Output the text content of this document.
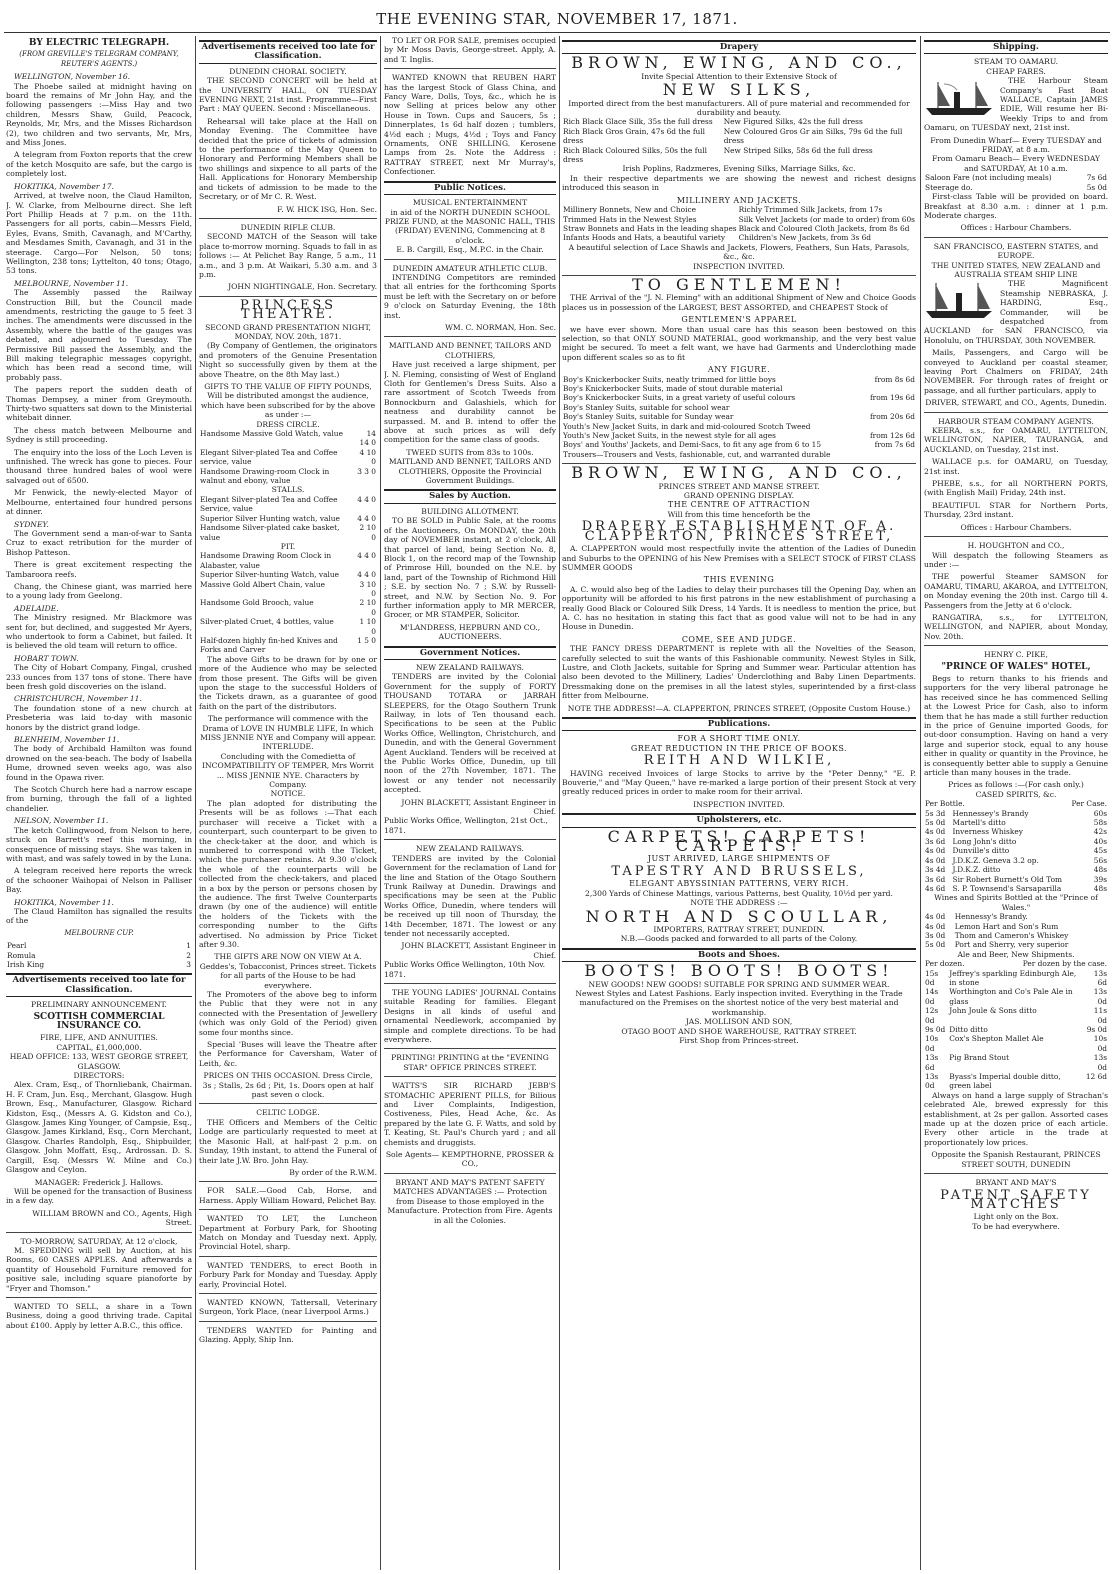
THE EVENING STAR, NOVEMBER 17, 1871.
BY ELECTRIC TELEGRAPH.
(FROM GREVILLE'S TELEGRAM COMPANY, REUTER'S AGENTS.)
WELLINGTON, November 16.

The Phoebe sailed at midnight having on board the remains of Mr John Hay, and the following passengers :—Miss Hay and two children, Messrs Shaw, Guild, Peacock, Reynolds, Mr, Mrs, and the Misses Richardson (2), two children and two servants, Mr, Mrs, and Miss Jones.

A telegram from Foxton reports that the crew of the ketch Mosquito are safe, but the cargo is completely lost.

HOKITIKA, November 17.

Arrived, at twelve noon, the Claud Hamilton, J. W. Clarke, from Melbourne direct. She left Port Phillip Heads at 7 p.m. on the 11th. Passengers for all ports, cabin—Messrs Field, Eyles, Evans, Smith, Cavanagh, and M'Carthy, and Mesdames Smith, Cavanagh, and 31 in the steerage. Cargo—For Nelson, 50 tons; Wellington, 238 tons; Lyttelton, 40 tons; Otago, 53 tons.

MELBOURNE, November 11.

The Assembly passed the Railway Construction Bill, but the Council made amendments, restricting the gauge to 5 feet 3 inches. The amendments were discussed in the Assembly, where the battle of the gauges was debated, and adjourned to Tuesday. The Permissive Bill passed the Assembly, and the Bill making telegraphic messages copyright, which has been read a second time, will probably pass.

The papers report the sudden death of Thomas Dempsey, a miner from Greymouth. Thirty-two squatters sat down to the Ministerial whitebait dinner.

The chess match between Melbourne and Sydney is still proceeding.

The enquiry into the loss of the Loch Leven is unfinished. The wreck has gone to pieces. Four thousand three hundred bales of wool were salvaged out of 6500.

Mr Fenwick, the newly-elected Mayor of Melbourne, entertained four hundred persons at dinner.

SYDNEY.

The Government send a man-of-war to Santa Cruz to exact retribution for the murder of Bishop Patteson.

There is great excitement respecting the Tambaroora reefs.

Chang, the Chinese giant, was married here to a young lady from Geelong.

ADELAIDE.

The Ministry resigned. Mr Blackmore was sent for, but declined, and suggested Mr Ayers, who undertook to form a Cabinet, but failed. It is believed the old team will return to office.

HOBART TOWN.

The City of Hobart Company, Fingal, crushed 233 ounces from 137 tons of stone. There have been fresh gold discoveries on the island.

CHRISTCHURCH, November 11.

The foundation stone of a new church at Presbeteria was laid to-day with masonic honors by the district grand lodge.

BLENHEIM, November 11.

The body of Archibald Hamilton was found drowned on the sea-beach. The body of Isabella Hume, drowned seven weeks ago, was also found in the Opawa river.

The Scotch Church here had a narrow escape from burning, through the fall of a lighted chandelier.

NELSON, November 11.

The ketch Collingwood, from Nelson to here, struck on Barrett's reef this morning, in consequence of missing stays. She was taken in with mast, and was safely towed in by the Luna.

A telegram received here reports the wreck of the schooner Waihopai of Nelson in Palliser Bay.

HOKITIKA, November 11.

The Claud Hamilton has signalled the results of the

MELBOURNE CUP.
Pearl	1
Romula	2
Irish King	3
Advertisements received too late for Classification.
PRELIMINARY ANNOUNCEMENT.
SCOTTISH COMMERCIAL INSURANCE CO.
FIRE, LIFE, AND ANNUITIES.
CAPITAL, £1,000,000.
HEAD OFFICE: 133, WEST GEORGE STREET, GLASGOW.
DIRECTORS:

Alex. Cram, Esq., of Thornliebank, Chairman. H. F. Cram, Jun. Esq., Merchant, Glasgow. Hugh Brown, Esq., Manufacturer, Glasgow. Richard Kidston, Esq., (Messrs A. G. Kidston and Co.), Glasgow. James King Younger, of Campsie, Esq., Glasgow. James Kirkland, Esq., Corn Merchant, Glasgow. Charles Randolph, Esq., Shipbuilder, Glasgow. John Moffatt, Esq., Ardrossan. D. S. Cargill, Esq. (Messrs W. Milne and Co.) Glasgow and Ceylon.

MANAGER: Frederick J. Hallows.

Will be opened for the transaction of Business in a few day.

WILLIAM BROWN and CO., Agents, High Street.
TO-MORROW, SATURDAY, At 12 o'clock,

M. SPEDDING will sell by Auction, at his Rooms, 60 CASES APPLES. And afterwards a quantity of Household Furniture removed for positive sale, including square pianoforte by "Fryer and Thomson."

WANTED TO SELL, a share in a Town Business, doing a good thriving trade. Capital about £100. Apply by letter A.B.C., this office.

Advertisements received too late for Classification.
DUNEDIN CHORAL SOCIETY.

THE SECOND CONCERT will be held at the UNIVERSITY HALL, ON TUESDAY EVENING NEXT, 21st inst. Programme—First Part : MAY QUEEN. Second : Miscellaneous.

Rehearsal will take place at the Hall on Monday Evening. The Committee have decided that the price of tickets of admission to the performance of the May Queen to Honorary and Performing Members shall be two shillings and sixpence to all parts of the Hall. Applications for Honorary Membership and tickets of admission to be made to the Secretary, or of Mr C. R. West.

F. W. HICK ISG, Hon. Sec.
DUNEDIN RIFLE CLUB.

SECOND MATCH of the Season will take place to-morrow morning. Squads to fall in as follows :— At Pelichet Bay Range, 5 a.m., 11 a.m., and 3 p.m. At Waikari, 5.30 a.m. and 3 p.m.

JOHN NIGHTINGALE, Hon. Secretary.
PRINCESS THEATRE.
SECOND GRAND PRESENTATION NIGHT, MONDAY, NOV. 20th, 1871.

(By Company of Gentlemen, the originators and promoters of the Genuine Presentation Night so successfully given by them at the above Theatre, on the 8th May last.)

GIFTS TO THE VALUE OF FIFTY POUNDS, Will be distributed amongst the audience, which have been subscribed for by the above as under :—
DRESS CIRCLE.
Handsome Massive Gold Watch, value	14 14 0
Elegant Silver-plated Tea and Coffee service, value	4 10 0
Handsome Drawing-room Clock in walnut and ebony, value	3 3 0
STALLS.
Elegant Silver-plated Tea and Coffee Service, value	4 4 0
Superior Silver Hunting watch, value	4 4 0
Handsome Silver-plated cake basket, value	2 10 0
PIT.
Handsome Drawing Room Clock in Alabaster, value	4 4 0
Superior Silver-hunting Watch, value	4 4 0
Massive Gold Albert Chain, value	3 10 0
Handsome Gold Brooch, value	2 10 0
Silver-plated Cruet, 4 bottles, value	1 10 0
Half-dozen highly fin-hed Knives and Forks and Carver	1 5 0

The above Gifts to be drawn for by one or more of the Audience who may be selected from those present. The Gifts will be given upon the stage to the successful Holders of the Tickets drawn, as a guarantee of good faith on the part of the distributors.

The performance will commence with the Drama of LOVE IN HUMBLE LIFE, In which MISS JENNIE NYE and Company will appear.
INTERLUDE.
Concluding with the Comedietta of INCOMPATIBILITY OF TEMPER, Mrs Worrit ... MISS JENNIE NYE. Characters by Company.
NOTICE.

The plan adopted for distributing the Presents will be as follows :—That each purchaser will receive a Ticket with a counterpart, such counterpart to be given to the check-taker at the door, and which is numbered to correspond with the Ticket, which the purchaser retains. At 9.30 o'clock the whole of the counterparts will be collected from the check-takers, and placed in a box by the person or persons chosen by the audience. The first Twelve Counterparts drawn (by one of the audience) will entitle the holders of the Tickets with the corresponding number to the Gifts advertised. No admission by Price Ticket after 9.30.

THE GIFTS ARE NOW ON VIEW At A. Geddes's, Tobacconist, Princes street. Tickets for all parts of the House to be had everywhere.

The Promoters of the above beg to inform the Public that they were not in any connected with the Presentation of Jewellery (which was only Gold of the Period) given some four months since.

Special 'Buses will leave the Theatre after the Performance for Caversham, Water of Leith, &c.

PRICES ON THIS OCCASION. Dress Circle, 3s ; Stalls, 2s 6d ; Pit, 1s. Doors open at half past seven o clock.
CELTIC LODGE.

THE Officers and Members of the Celtic Lodge are particularly requested to meet at the Masonic Hall, at half-past 2 p.m. on Sunday, 19th instant, to attend the Funeral of their late J.W. Bro. John Hay.

By order of the R.W.M.

FOR SALE.—Good Cab, Horse, and Harness. Apply William Howard, Pelichet Bay.

WANTED TO LET, the Luncheon Department at Forbury Park, for Shooting Match on Monday and Tuesday next. Apply, Provincial Hotel, sharp.

WANTED TENDERS, to erect Booth in Forbury Park for Monday and Tuesday. Apply early, Provincial Hotel.

WANTED KNOWN, Tattersall, Veterinary Surgeon, York Place, (near Liverpool Arms.)

TENDERS WANTED for Painting and Glazing. Apply, Ship Inn.

TO LET OR FOR SALE, premises occupied by Mr Moss Davis, George-street. Apply, A. and T. Inglis.

WANTED KNOWN that REUBEN HART has the largest Stock of Glass China, and Fancy Ware, Dolls, Toys, &c., which he is now Selling at prices below any other House in Town. Cups and Saucers, 5s ; Dinnerplates, 1s 6d half dozen ; tumblers, 4½d each ; Mugs, 4½d ; Toys and Fancy Ornaments, ONE SHILLING. Kerosene Lamps from 2s. Note the Address : RATTRAY STREET, next Mr Murray's, Confectioner.

Public Notices.
MUSICAL ENTERTAINMENT
in aid of the NORTH DUNEDIN SCHOOL PRIZE FUND, at the MASONIC HALL, THIS (FRIDAY) EVENING, Commencing at 8 o'clock.
E. B. Cargill, Esq., M.P.C. in the Chair.
DUNEDIN AMATEUR ATHLETIC CLUB.

INTENDING Competitors are reminded that all entries for the forthcoming Sports must be left with the Secretary on or before 9 o'clock on Saturday Evening, the 18th inst.

WM. C. NORMAN, Hon. Sec.
MAITLAND AND BENNET, TAILORS AND CLOTHIERS,

Have just received a large shipment, per J. N. Fleming, consisting of West of England Cloth for Gentlemen's Dress Suits. Also a rare assortment of Scotch Tweeds from Bonnockburn and Galashiels, which for neatness and durability cannot be surpassed. M. and B. intend to offer the above at such prices as will defy competition for the same class of goods.

TWEED SUITS from 83s to 100s.
MAITLAND AND BENNET, TAILORS AND CLOTHIERS, Opposite the Provincial Government Buildings.
Sales by Auction.
BUILDING ALLOTMENT.

TO BE SOLD in Public Sale, at the rooms of the Auctioneers, On MONDAY, the 20th day of NOVEMBER instant, at 2 o'clock, All that parcel of land, being Section No. 8, Block 1, on the record map of the Township of Primrose Hill, bounded on the N.E. by land, part of the Township of Richmond Hill ; S.E. by section No. 7 ; S.W. by Russell-street, and N.W. by Section No. 9. For further information apply to MR MERCER, Grocer, or MR STAMPER, Solicitor.

M'LANDRESS, HEPBURN AND CO., AUCTIONEERS.
Government Notices.
NEW ZEALAND RAILWAYS.

TENDERS are invited by the Colonial Government for the supply of FORTY THOUSAND TOTARA or JARRAH SLEEPERS, for the Otago Southern Trunk Railway, in lots of Ten thousand each. Specifications to be seen at the Public Works Office, Wellington, Christchurch, and Dunedin, and with the General Government Agent Auckland. Tenders will be received at the Public Works Office, Dunedin, up till noon of the 27th November, 1871. The lowest or any tender not necessarily accepted.

JOHN BLACKETT, Assistant Engineer in Chief.
Public Works Office, Wellington, 21st Oct., 1871.
NEW ZEALAND RAILWAYS.

TENDERS are invited by the Colonial Government for the reclamation of Land for the line and Station of the Otago Southern Trunk Railway at Dunedin. Drawings and specifications may be seen at the Public Works Office, Dunedin, where tenders will be received up till noon of Thursday, the 14th December, 1871. The lowest or any tender not necessarily accepted.

JOHN BLACKETT, Assistant Engineer in Chief.
Public Works Office Wellington, 10th Nov. 1871.

THE YOUNG LADIES' JOURNAL Contains suitable Reading for families. Elegant Designs in all kinds of useful and ornamental Needlework, accompanied by simple and complete directions. To be had everywhere.

PRINTING! PRINTING at the "EVENING STAR" OFFICE PRINCES STREET.

WATTS'S SIR RICHARD JEBB'S STOMACHIC APERIENT PILLS, for Bilious and Liver Complaints, Indigestion, Costiveness, Piles, Head Ache, &c. As prepared by the late G. F. Watts, and sold by T. Keating, St. Paul's Church yard ; and all chemists and druggists.

Sole Agents— KEMPTHORNE, PROSSER & CO.,
BRYANT AND MAY'S PATENT SAFETY MATCHES ADVANTAGES :— Protection from Disease to those employed in the Manufacture. Protection from Fire. Agents in all the Colonies.
Drapery
BROWN, EWING, AND CO.,
Invite Special Attention to their Extensive Stock of
NEW SILKS,
Imported direct from the best manufacturers. All of pure material and recommended for durability and beauty.
Rich Black Glace Silk, 35s the full dress
Rich Black Gros Grain, 47s 6d the full dress
Rich Black Coloured Silks, 50s the full dress

New Figured Silks, 42s the full dress
New Coloured Gros Gr ain Silks, 79s 6d the full dress
New Striped Silks, 58s 6d the full dress
Irish Poplins, Radzmeres, Evening Silks, Marriage Silks, &c.

In their respective departments we are showing the newest and richest designs introduced this season in

MILLINERY AND JACKETS.
Millinery Bonnets, New and Choice
Trimmed Hats in the Newest Styles
Straw Bonnets and Hats in the leading shapes
Infants Hoods and Hats, a beautiful variety

Richly Trimmed Silk Jackets, from 17s
Silk Velvet Jackets (or made to order) from 60s
Black and Coloured Cloth Jackets, from 8s 6d
Children's New Jackets, from 3s 6d
A beautiful selection of Lace Shawls and Jackets, Flowers, Feathers, Sun Hats, Parasols, &c., &c.
INSPECTION INVITED.
TO GENTLEMEN!

THE Arrival of the "J. N. Fleming" with an additional Shipment of New and Choice Goods places us in possession of the LARGEST, BEST ASSORTED, and CHEAPEST Stock of

GENTLEMEN'S APPAREL

we have ever shown. More than usual care has this season been bestowed on this selection, so that ONLY SOUND MATERIAL, good workmanship, and the very best value might be secured. To meet a felt want, we have had Garments and Underclothing made upon different scales so as to fit

ANY FIGURE.
Boy's Knickerbocker Suits, neatly trimmed for little boys	from 8s 6d
Boy's Knickerbocker Suits, made of stout durable material	
Boy's Knickerbocker Suits, in a great variety of useful colours	from 19s 6d
Boy's Stanley Suits, suitable for school wear	
Boy's Stanley Suits, suitable for Sunday wear	from 20s 6d
Youth's New Jacket Suits, in dark and mid-coloured Scotch Tweed	
Youth's New Jacket Suits, in the newest style for all ages	from 12s 6d
Boys' and Youths' Jackets, and Demi-Sacs, to fit any age from 6 to 15	from 7s 6d
Trousers—Trousers and Vests, fashionable, cut, and warranted durable	
BROWN, EWING, AND CO.,
PRINCES STREET AND MANSE STREET.
GRAND OPENING DISPLAY.
THE CENTRE OF ATTRACTION
Will from this time henceforth be the
DRAPERY ESTABLISHMENT OF A. CLAPPERTON, PRINCES STREET,

A. CLAPPERTON would most respectfully invite the attention of the Ladies of Dunedin and Suburbs to the OPENING of his New Premises with a SELECT STOCK of FIRST CLASS SUMMER GOODS

THIS EVENING

A. C. would also beg of the Ladies to delay their purchases till the Opening Day, when an opportunity will be afforded to his first patrons in the new establishment of purchasing a really Good Black or Coloured Silk Dress, 14 Yards. It is needless to mention the price, but A. C. has no hesitation in stating this fact that as good value will not to be had in any House in Dunedin.

COME, SEE AND JUDGE.

THE FANCY DRESS DEPARTMENT is replete with all the Novelties of the Season, carefully selected to suit the wants of this Fashionable community. Newest Styles in Silk, Lustre, and Cloth Jackets, suitable for Spring and Summer wear. Particular attention has also been devoted to the Millinery, Ladies' Underclothing and Baby Linen Departments. Dressmaking done on the premises in all the latest styles, superintended by a first-class fitter from Melbourne.

NOTE THE ADDRESS!—A. CLAPPERTON, PRINCES STREET, (Opposite Custom House.)
Publications.
FOR A SHORT TIME ONLY.
GREAT REDUCTION IN THE PRICE OF BOOKS.
REITH AND WILKIE,

HAVING received Invoices of large Stocks to arrive by the "Peter Denny," "E. P. Bouverie," and "May Queen," have re-marked a large portion of their present Stock at very greatly reduced prices in order to make room for their arrival.

INSPECTION INVITED.
Upholsterers, etc.
CARPETS! CARPETS! CARPETS!
JUST ARRIVED, LARGE SHIPMENTS OF
TAPESTRY AND BRUSSELS,
ELEGANT ABYSSINIAN PATTERNS, VERY RICH.
2,300 Yards of Chinese Mattings, various Patterns, best Quality, 10½d per yard.
NOTE THE ADDRESS :—
NORTH AND SCOULLAR,
IMPORTERS, RATTRAY STREET, DUNEDIN.
N.B.—Goods packed and forwarded to all parts of the Colony.
Boots and Shoes.
BOOTS! BOOTS! BOOTS!
NEW GOODS! NEW GOODS! SUITABLE FOR SPRING AND SUMMER WEAR.
Newest Styles and Latest Fashions. Early inspection invited. Everything in the Trade manufactured on the Premises on the shortest notice of the very best material and workmanship.
JAS. MOLLISON AND SON,
OTAGO BOOT AND SHOE WAREHOUSE, RATTRAY STREET.
First Shop from Princes-street.
Shipping.
STEAM TO OAMARU.
CHEAP FARES.

THE Harbour Steam Company's Fast Boat WALLACE, Captain JAMES EDIE, Will resume her Bi-Weekly Trips to and from Oamaru, on TUESDAY next, 21st inst.

From Dunedin Wharf— Every TUESDAY and FRIDAY, at 8 a.m.
From Oamaru Beach— Every WEDNESDAY and SATURDAY, At 10 a.m.
Saloon Fare (not including meals)	7s 6d
Steerage do.	5s 0d

First-class Table will be provided on board. Breakfast at 8.30 a.m. : dinner at 1 p.m. Moderate charges.

Offices : Harbour Chambers.
SAN FRANCISCO, EASTERN STATES, and EUROPE.
THE UNITED STATES, NEW ZEALAND and AUSTRALIA STEAM SHIP LINE

THE Magnificent Steamship NEBRASKA, J. HARDING, Esq., Commander, will be despatched from AUCKLAND for SAN FRANCISCO, via Honolulu, on THURSDAY, 30th NOVEMBER.

Mails, Passengers, and Cargo will be conveyed to Auckland per coastal steamer, leaving Port Chalmers on FRIDAY, 24th NOVEMBER. For through rates of freight or passage, and all further particulars, apply to

DRIVER, STEWART, and CO., Agents, Dunedin.
HARBOUR STEAM COMPANY AGENTS.

KEERA, s.s., for OAMARU, LYTTELTON, WELLINGTON, NAPIER, TAURANGA, and AUCKLAND, on Tuesday, 21st inst.

WALLACE p.s. for OAMARU, on Tuesday, 21st inst.

PHEBE, s.s., for all NORTHERN PORTS, (with English Mail) Friday, 24th inst.

BEAUTIFUL STAR for Northern Ports, Thursday, 23rd instant.

Offices : Harbour Chambers.
H. HOUGHTON and CO.,

Will despatch the following Steamers as under :—

THE powerful Steamer SAMSON for OAMARU, TIMARU, AKAROA, and LYTTELTON, on Monday evening the 20th inst. Cargo till 4. Passengers from the Jetty at 6 o'clock.

RANGATIRA, s.s., for LYTTELTON, WELLINGTON, and NAPIER, about Monday, Nov. 20th.

HENRY C. PIKE,
"PRINCE OF WALES" HOTEL,

Begs to return thanks to his friends and supporters for the very liberal patronage he has received since he has commenced Selling at the Lowest Price for Cash, also to inform them that he has made a still further reduction in the price of Genuine imported Goods, for out-door consumption. Having on hand a very large and superior stock, equal to any house either in quality or quantity in the Province, he is consequently better able to supply a Genuine article than many houses in the trade.

Prices as follows :—(For cash only.)
CASED SPIRITS, &c.
Per Bottle.	Per Case.
5s 3d	Hennessey's Brandy	60s
5s 0d	Martell's ditto	58s
4s 0d	Inverness Whiskey	42s
3s 6d	Long John's ditto	40s
4s 0d	Dunville's ditto	45s
4s 0d	J.D.K.Z. Geneva 3.2 op.	56s
3s 4d	J.D.K.Z. ditto	48s
3s 6d	Sir Robert Burnett's Old Tom	39s
4s 6d	S. P. Townsend's Sarsaparilla	48s
Wines and Spirits Bottled at the "Prince of Wales."
4s 0d	Hennessy's Brandy.
4s 0d	Lemon Hart and Son's Rum
3s 0d	Thom and Cameron's Whiskey
5s 0d	Port and Sherry, very superior
Ale and Beer, New Shipments.
Per dozen.	Per dozen by the case.
15s 0d	Jeffrey's sparkling Edinburgh Ale, in stone	13s 6d
14s 0d	Worthington and Co's Pale Ale in glass	13s 0d
12s 0d	John Joule & Sons ditto	11s 0d
9s 0d	Ditto ditto	9s 0d
10s 0d	Cox's Shepton Mallet Ale	10s 0d
13s 6d	Pig Brand Stout	13s 0d
13s 0d	Byass's Imperial double ditto, green label	12 6d

Always on hand a large supply of Strachan's celebrated Ale, brewed expressly for this establishment, at 2s per gallon. Assorted cases made up at the dozen price of each article. Every other article in the trade at proportionately low prices.

Opposite the Spanish Restaurant, PRINCES STREET SOUTH, DUNEDIN
BRYANT AND MAY'S
PATENT SAFETY MATCHES
Light only on the Box.
To be had everywhere.
